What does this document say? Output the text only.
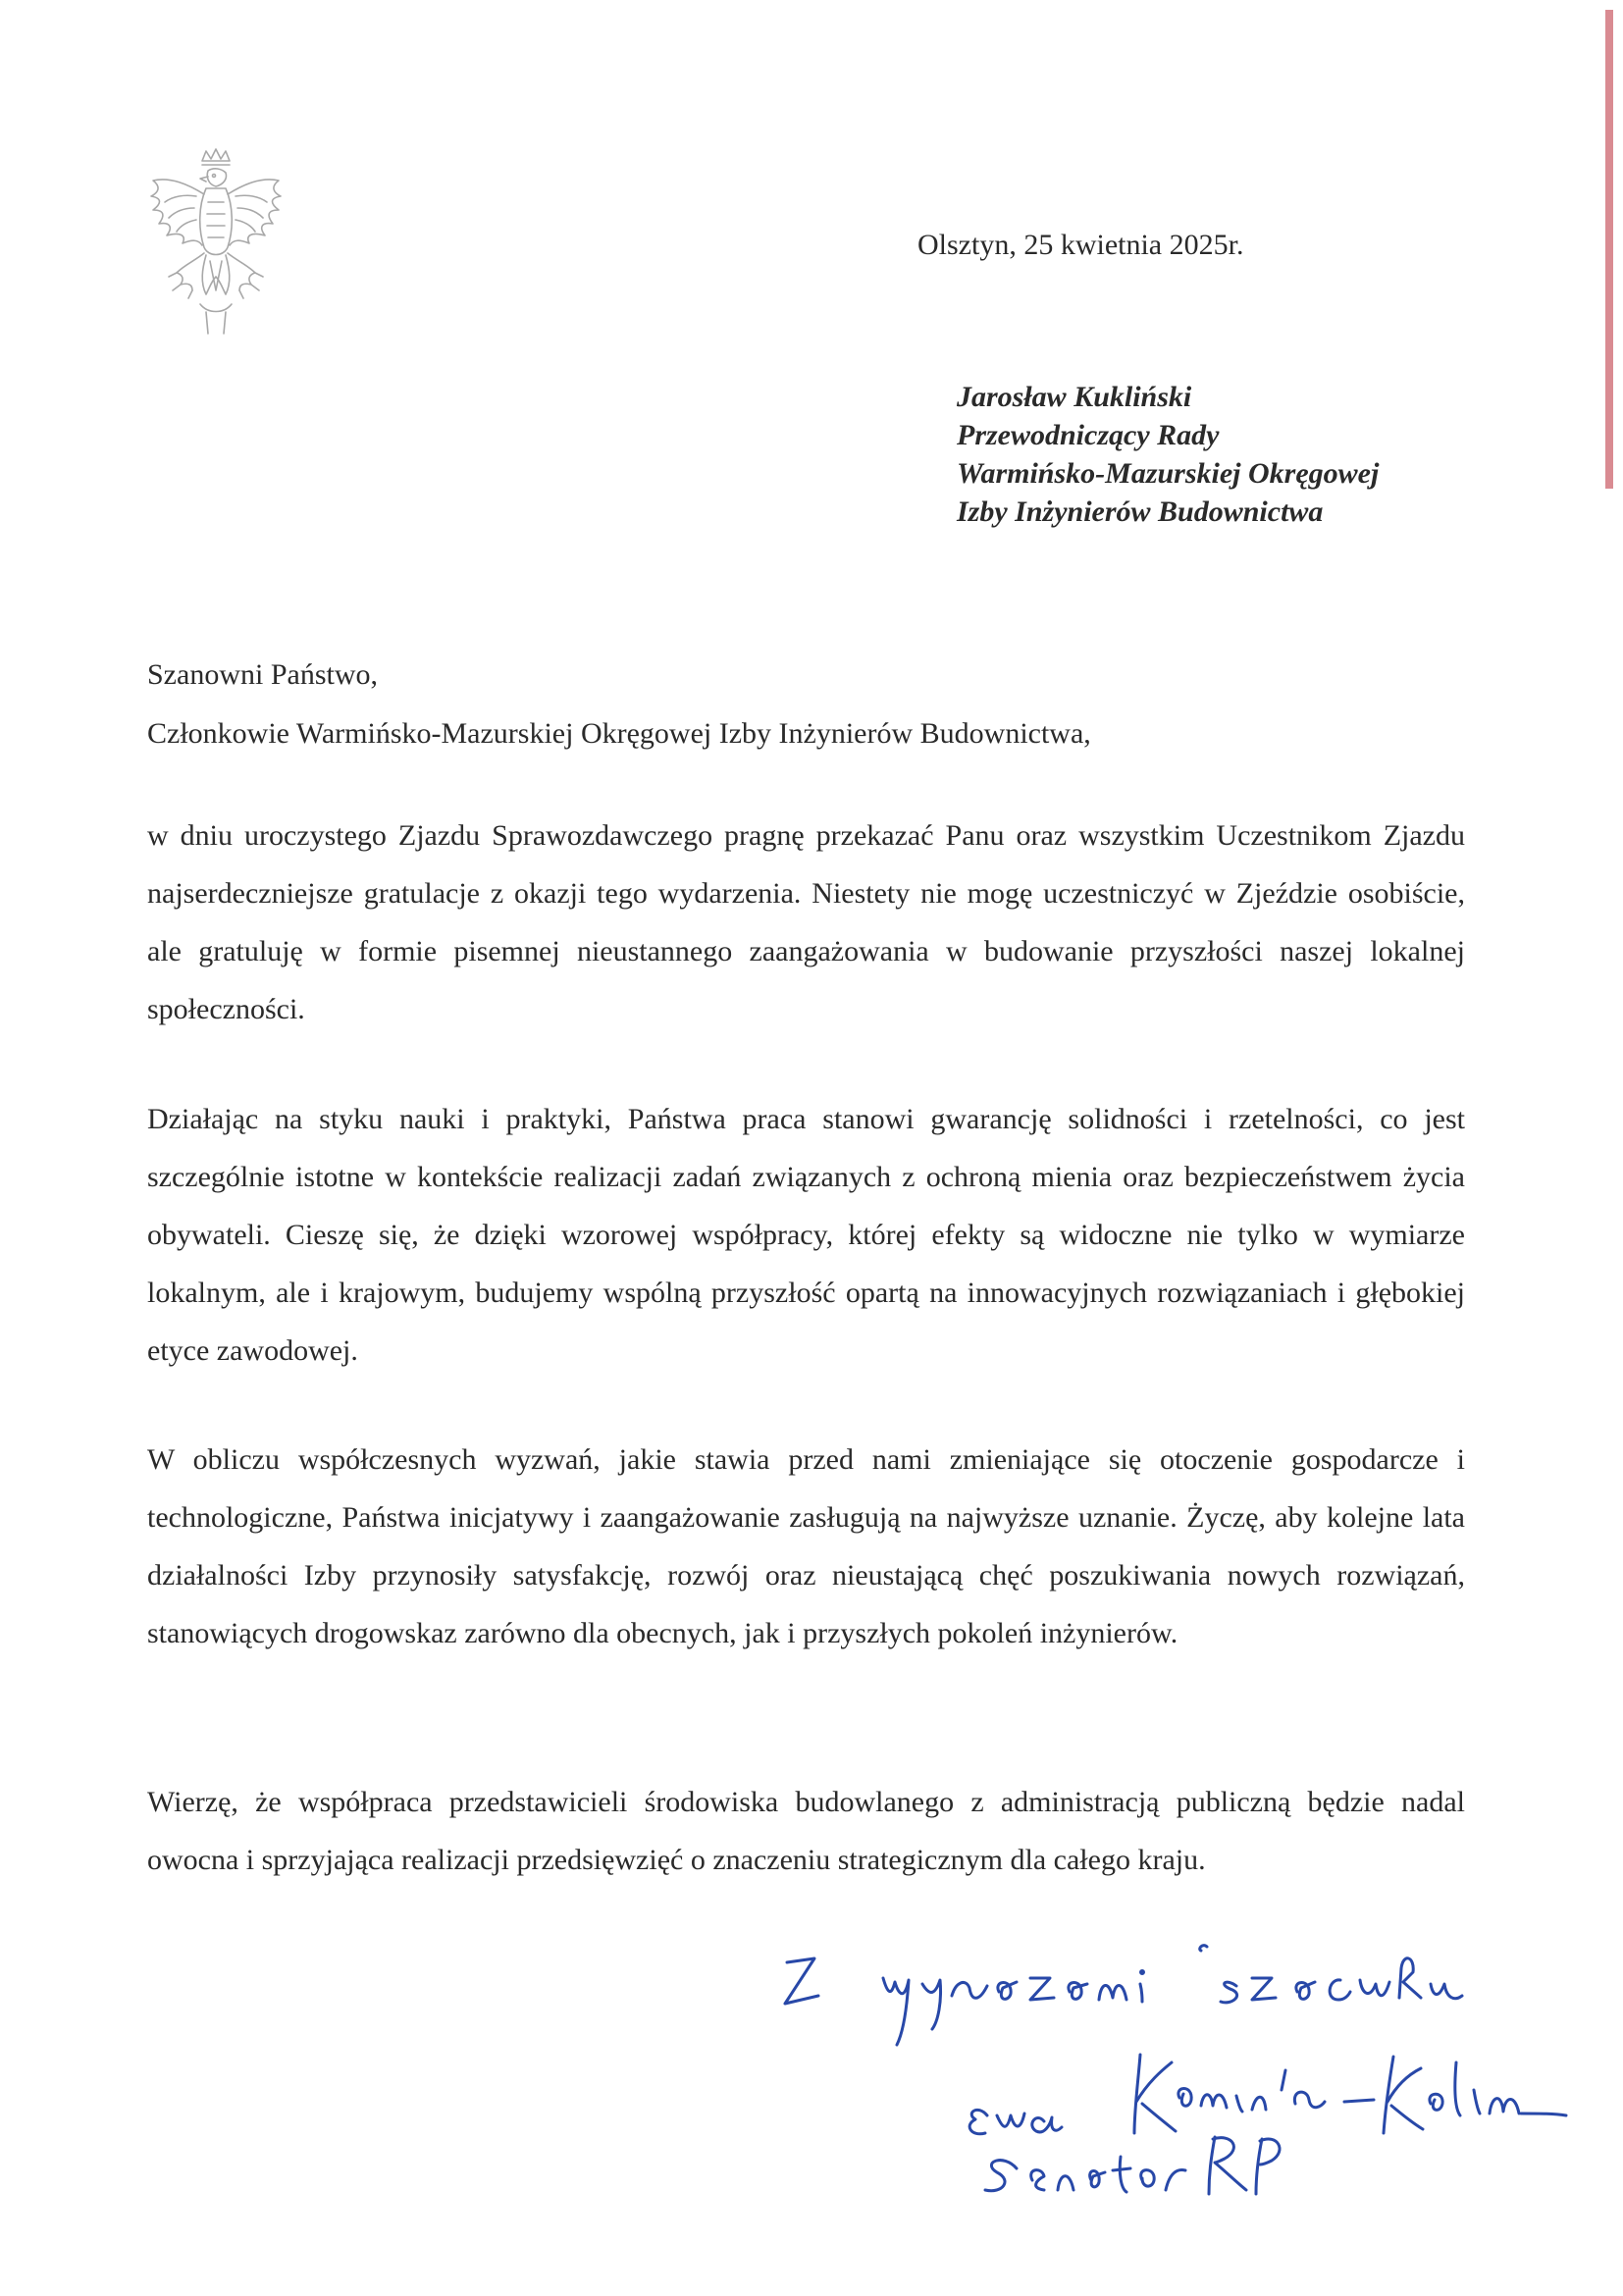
Olsztyn, 25 kwietnia 2025r.
Jarosław Kukliński
Przewodniczący Rady
Warmińsko-Mazurskiej Okręgowej
Izby Inżynierów Budownictwa
Szanowni Państwo,
Członkowie Warmińsko-Mazurskiej Okręgowej Izby Inżynierów Budownictwa,

w dniu uroczystego Zjazdu Sprawozdawczego pragnę przekazać Panu oraz wszystkim Uczestnikom Zjazdu najserdeczniejsze gratulacje z okazji tego wydarzenia. Niestety nie mogę uczestniczyć w Zjeździe osobiście, ale gratuluję w formie pisemnej nieustannego zaangażowania w budowanie przyszłości naszej lokalnej społeczności.

Działając na styku nauki i praktyki, Państwa praca stanowi gwarancję solidności i rzetelności, co jest szczególnie istotne w kontekście realizacji zadań związanych z ochroną mienia oraz bezpieczeństwem życia obywateli. Cieszę się, że dzięki wzorowej współpracy, której efekty są widoczne nie tylko w wymiarze lokalnym, ale i krajowym, budujemy wspólną przyszłość opartą na innowacyjnych rozwiązaniach i głębokiej etyce zawodowej.

W obliczu współczesnych wyzwań, jakie stawia przed nami zmieniające się otoczenie gospodarcze i technologiczne, Państwa inicjatywy i zaangażowanie zasługują na najwyższe uznanie. Życzę, aby kolejne lata działalności Izby przynosiły satysfakcję, rozwój oraz nieustającą chęć poszukiwania nowych rozwiązań, stanowiących drogowskaz zarówno dla obecnych, jak i przyszłych pokoleń inżynierów.

Wierzę, że współpraca przedstawicieli środowiska budowlanego z administracją publiczną będzie nadal owocna i sprzyjająca realizacji przedsięwzięć o znaczeniu strategicznym dla całego kraju.
